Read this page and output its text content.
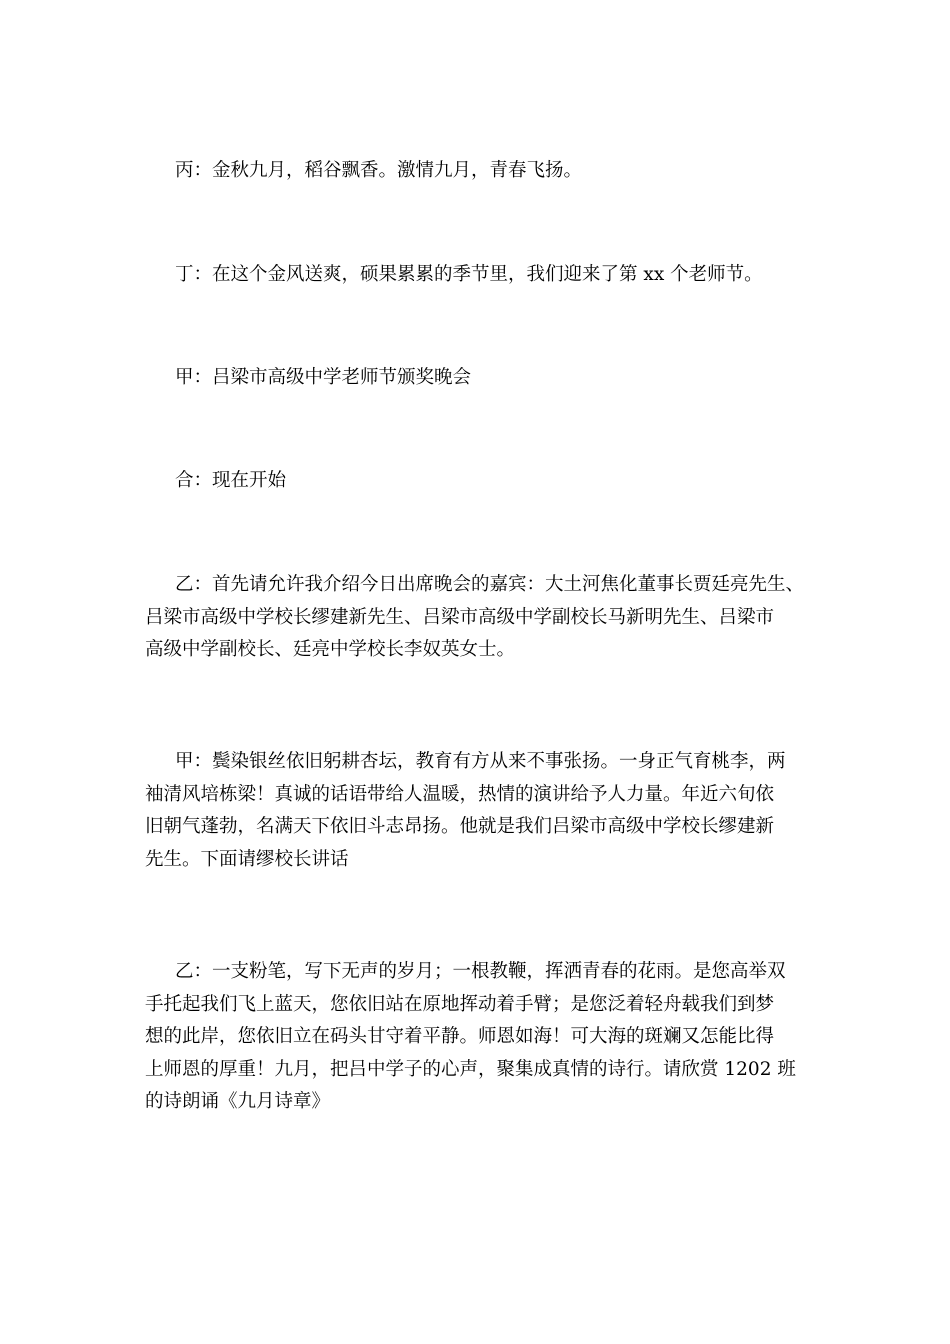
丙：金秋九月，稻谷飘香。激情九月，青春飞扬。

丁：在这个金风送爽，硕果累累的季节里，我们迎来了第 xx 个老师节。

甲：吕梁市高级中学老师节颁奖晚会

合：现在开始

乙：首先请允许我介绍今日出席晚会的嘉宾：大土河焦化董事长贾廷亮先生、
吕梁市高级中学校长缪建新先生、吕梁市高级中学副校长马新明先生、吕梁市
高级中学副校长、廷亮中学校长李奴英女士。

甲：鬓染银丝依旧躬耕杏坛，教育有方从来不事张扬。一身正气育桃李，两
袖清风培栋梁！真诚的话语带给人温暖，热情的演讲给予人力量。年近六旬依
旧朝气蓬勃，名满天下依旧斗志昂扬。他就是我们吕梁市高级中学校长缪建新
先生。下面请缪校长讲话

乙：一支粉笔，写下无声的岁月；一根教鞭，挥洒青春的花雨。是您高举双
手托起我们飞上蓝天，您依旧站在原地挥动着手臂；是您泛着轻舟载我们到梦
想的此岸，您依旧立在码头甘守着平静。师恩如海！可大海的斑斓又怎能比得
上师恩的厚重！九月，把吕中学子的心声，聚集成真情的诗行。请欣赏 1202 班
的诗朗诵《九月诗章》
